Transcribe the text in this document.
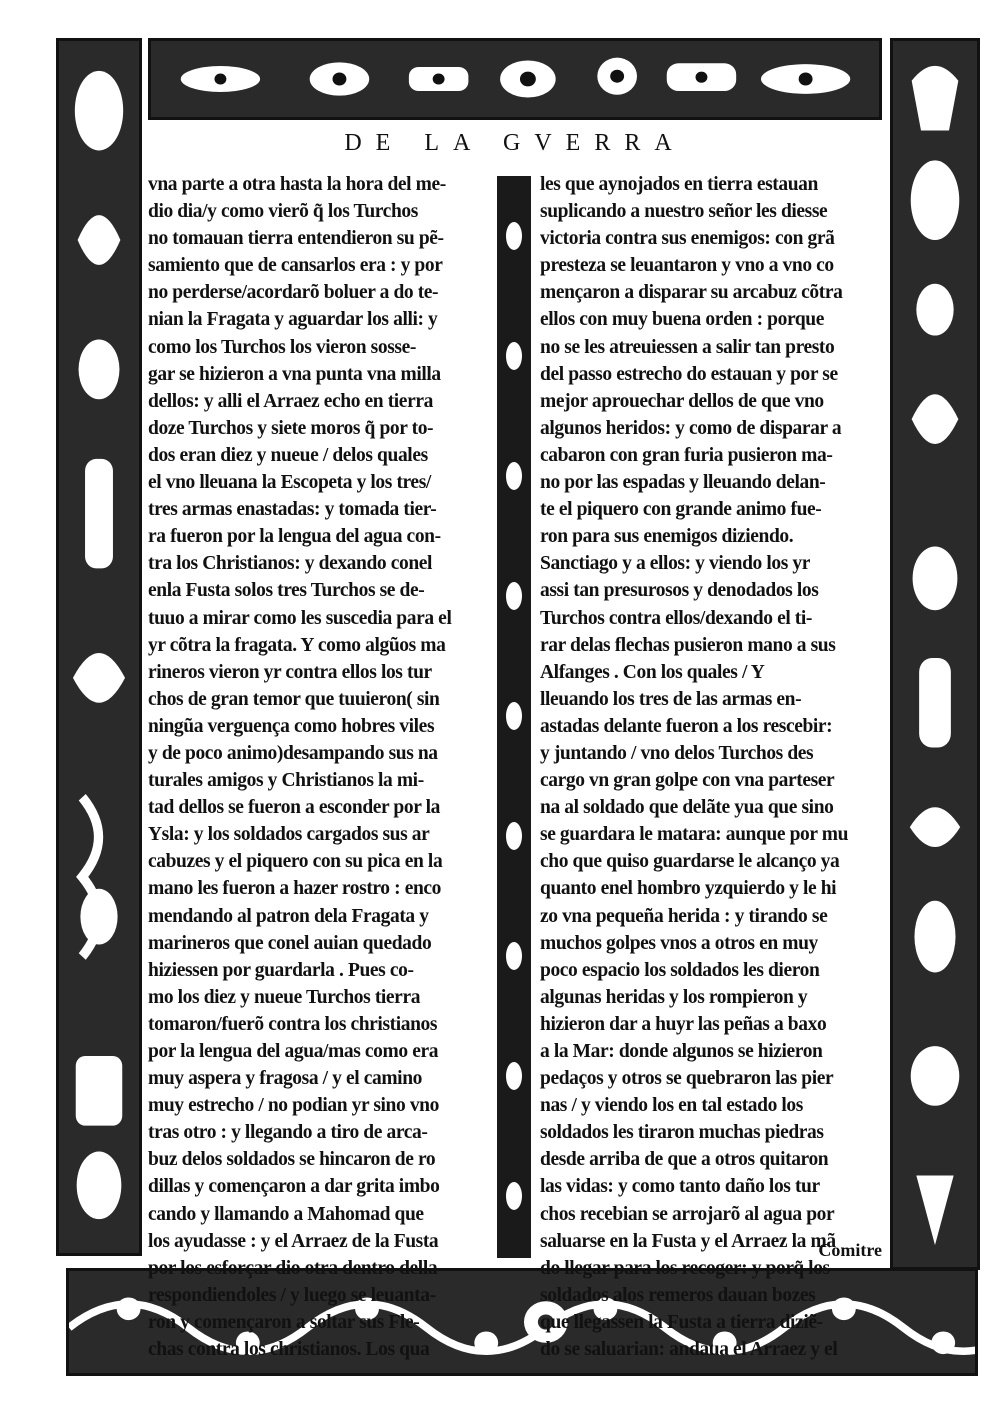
DE LA GVERRA
vna parte a otra hasta la hora del me-
dio dia/y como vierõ q̃ los Turchos
no tomauan tierra entendieron su pẽ-
samiento que de cansarlos era : y por
no perderse/acordarõ boluer a do te-
nian la Fragata y aguardar los alli: y
como los Turchos los vieron sosse-
gar se hizieron a vna punta vna milla
dellos: y alli el Arraez echo en tierra
doze Turchos y siete moros q̃ por to-
dos eran diez y nueue / delos quales
el vno lleuana la Escopeta y los tres/
tres armas enastadas: y tomada tier-
ra fueron por la lengua del agua con-
tra los Christianos: y dexando conel
enla Fusta solos tres Turchos se de-
tuuo a mirar como les suscedia para el
yr cõtra la fragata. Y como algũos ma
rineros vieron yr contra ellos los tur
chos de gran temor que tuuieron( sin
ningũa verguença como hobres viles
y de poco animo)desampando sus na
turales amigos y Christianos la mi-
tad dellos se fueron a esconder por la
Ysla: y los soldados cargados sus ar
cabuzes y el piquero con su pica en la
mano les fueron a hazer rostro : enco
mendando al patron dela Fragata y
marineros que conel auian quedado
hiziessen por guardarla . Pues co-
mo los diez y nueue Turchos tierra
tomaron/fuerõ contra los christianos
por la lengua del agua/mas como era
muy aspera y fragosa / y el camino
muy estrecho / no podian yr sino vno
tras otro : y llegando a tiro de arca-
buz delos soldados se hincaron de ro
dillas y començaron a dar grita imbo
cando y llamando a Mahomad que
los ayudasse : y el Arraez de la Fusta
por los esforçar dio otra dentro della
respondiendoles / y luego se leuanta-
ron y començaron a soltar sus Fle-
chas contra los christianos. Los qua
les que aynojados en tierra estauan
suplicando a nuestro señor les diesse
victoria contra sus enemigos: con grã
presteza se leuantaron y vno a vno co
mençaron a disparar su arcabuz cõtra
ellos con muy buena orden : porque
no se les atreuiessen a salir tan presto
del passo estrecho do estauan y por se
mejor aprouechar dellos de que vno
algunos heridos: y como de disparar a
cabaron con gran furia pusieron ma-
no por las espadas y lleuando delan-
te el piquero con grande animo fue-
ron para sus enemigos diziendo.
Sanctiago y a ellos: y viendo los yr
assi tan presurosos y denodados los
Turchos contra ellos/dexando el ti-
rar delas flechas pusieron mano a sus
Alfanges . Con los quales / Y
lleuando los tres de las armas en-
astadas delante fueron a los rescebir:
y juntando / vno delos Turchos des
cargo vn gran golpe con vna parteser
na al soldado que delãte yua que sino
se guardara le matara: aunque por mu
cho que quiso guardarse le alcanço ya
quanto enel hombro yzquierdo y le hi
zo vna pequeña herida : y tirando se
muchos golpes vnos a otros en muy
poco espacio los soldados les dieron
algunas heridas y los rompieron y
hizieron dar a huyr las peñas a baxo
a la Mar: donde algunos se hizieron
pedaços y otros se quebraron las pier
nas / y viendo los en tal estado los
soldados les tiraron muchas piedras
desde arriba de que a otros quitaron
las vidas: y como tanto daño los tur
chos recebian se arrojarõ al agua por
saluarse en la Fusta y el Arraez la mã
do llegar para los recoger: y porq̃ los
soldados alos remeros dauan bozes
que llegassen la Fusta a tierra diziẽ-
do se saluarian: andaua el Arraez y el

Comitre
